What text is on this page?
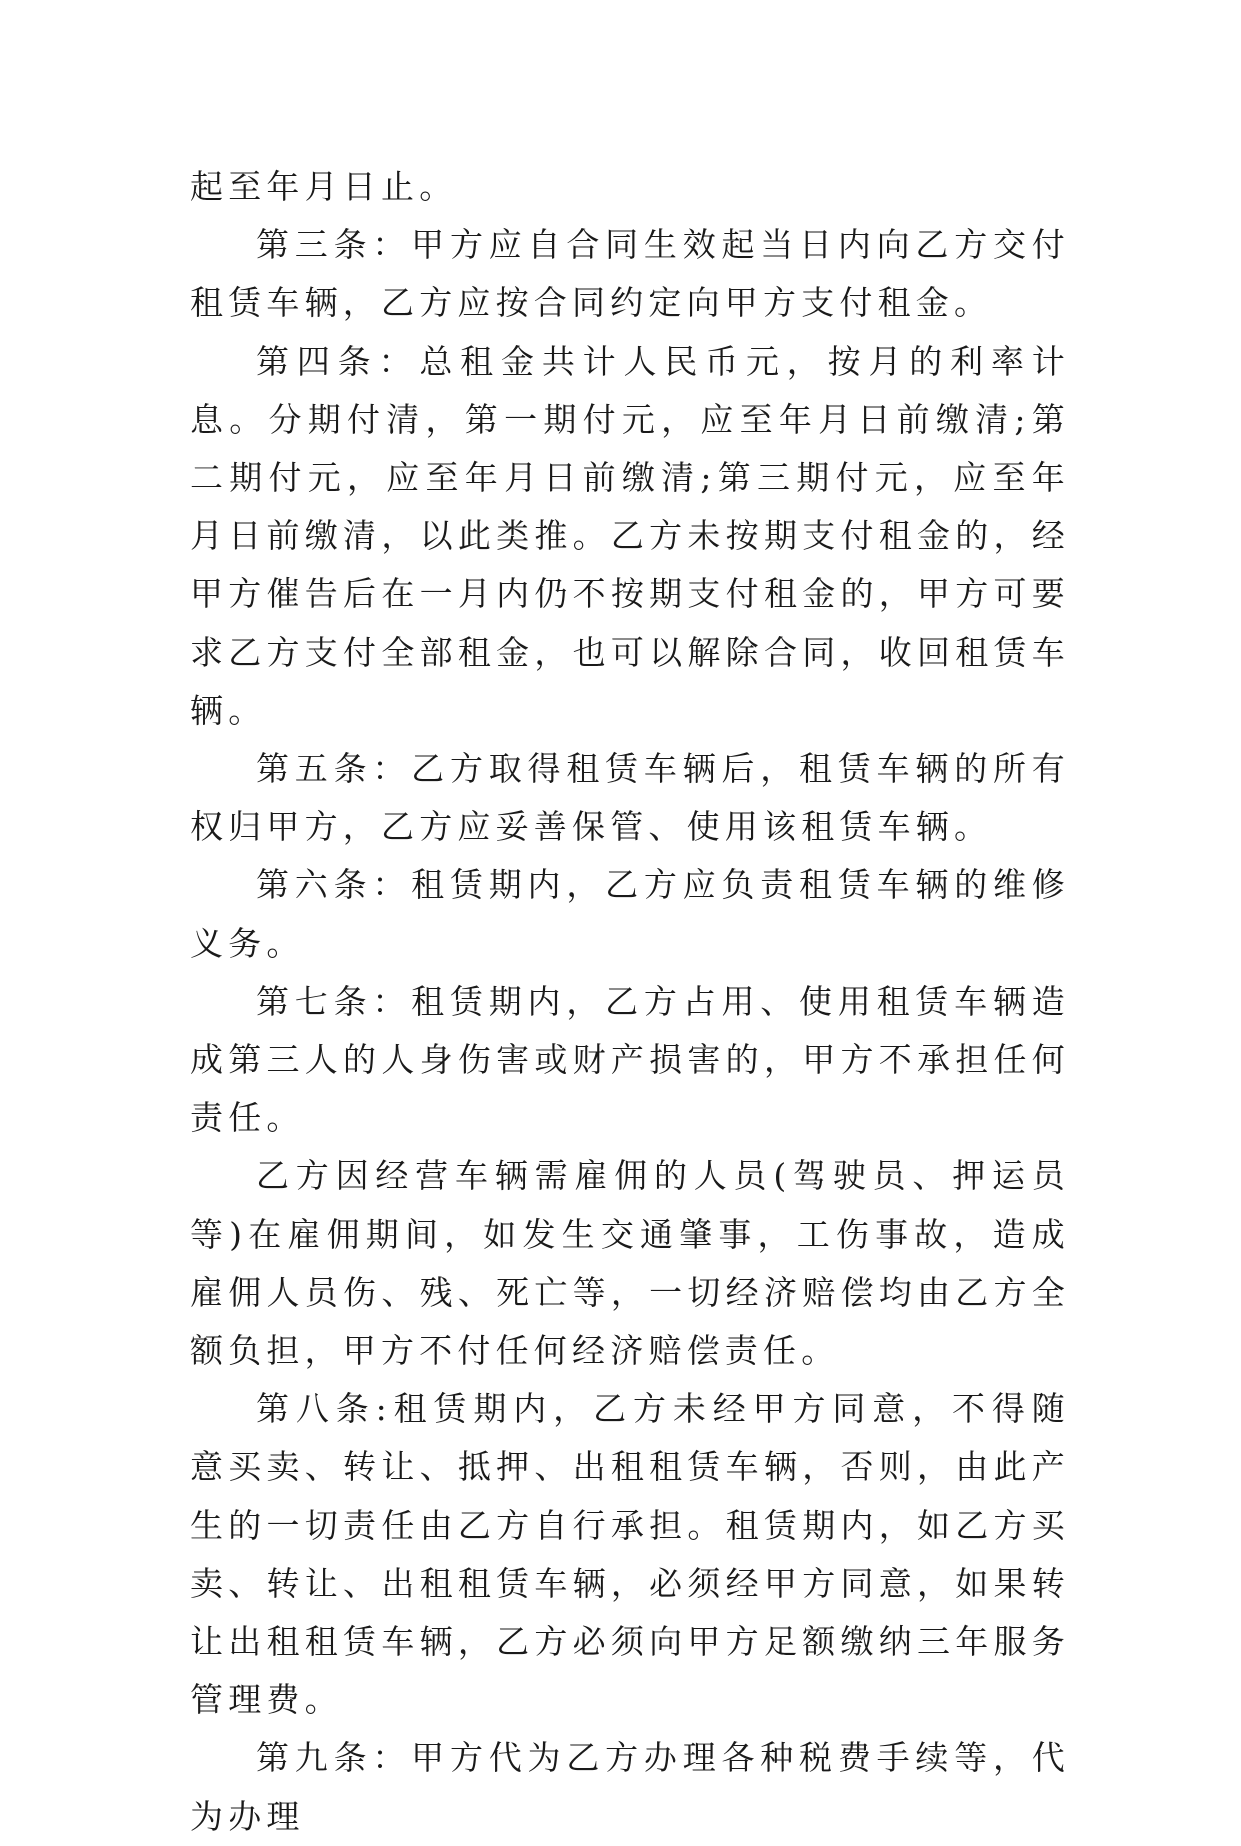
起至年月日止。

第三条：甲方应自合同生效起当日内向乙方交付租赁车辆，乙方应按合同约定向甲方支付租金。

第四条：总租金共计人民币元，按月的利率计息。分期付清，第一期付元，应至年月日前缴清;第二期付元，应至年月日前缴清;第三期付元，应至年月日前缴清，以此类推。乙方未按期支付租金的，经甲方催告后在一月内仍不按期支付租金的，甲方可要求乙方支付全部租金，也可以解除合同，收回租赁车辆。

第五条：乙方取得租赁车辆后，租赁车辆的所有权归甲方，乙方应妥善保管、使用该租赁车辆。

第六条：租赁期内，乙方应负责租赁车辆的维修义务。

第七条：租赁期内，乙方占用、使用租赁车辆造成第三人的人身伤害或财产损害的，甲方不承担任何责任。

乙方因经营车辆需雇佣的人员(驾驶员、押运员等)在雇佣期间，如发生交通肇事，工伤事故，造成雇佣人员伤、残、死亡等，一切经济赔偿均由乙方全额负担，甲方不付任何经济赔偿责任。

第八条:租赁期内，乙方未经甲方同意，不得随意买卖、转让、抵押、出租租赁车辆，否则，由此产生的一切责任由乙方自行承担。租赁期内，如乙方买卖、转让、出租租赁车辆，必须经甲方同意，如果转让出租租赁车辆，乙方必须向甲方足额缴纳三年服务管理费。

第九条：甲方代为乙方办理各种税费手续等，代为办理
